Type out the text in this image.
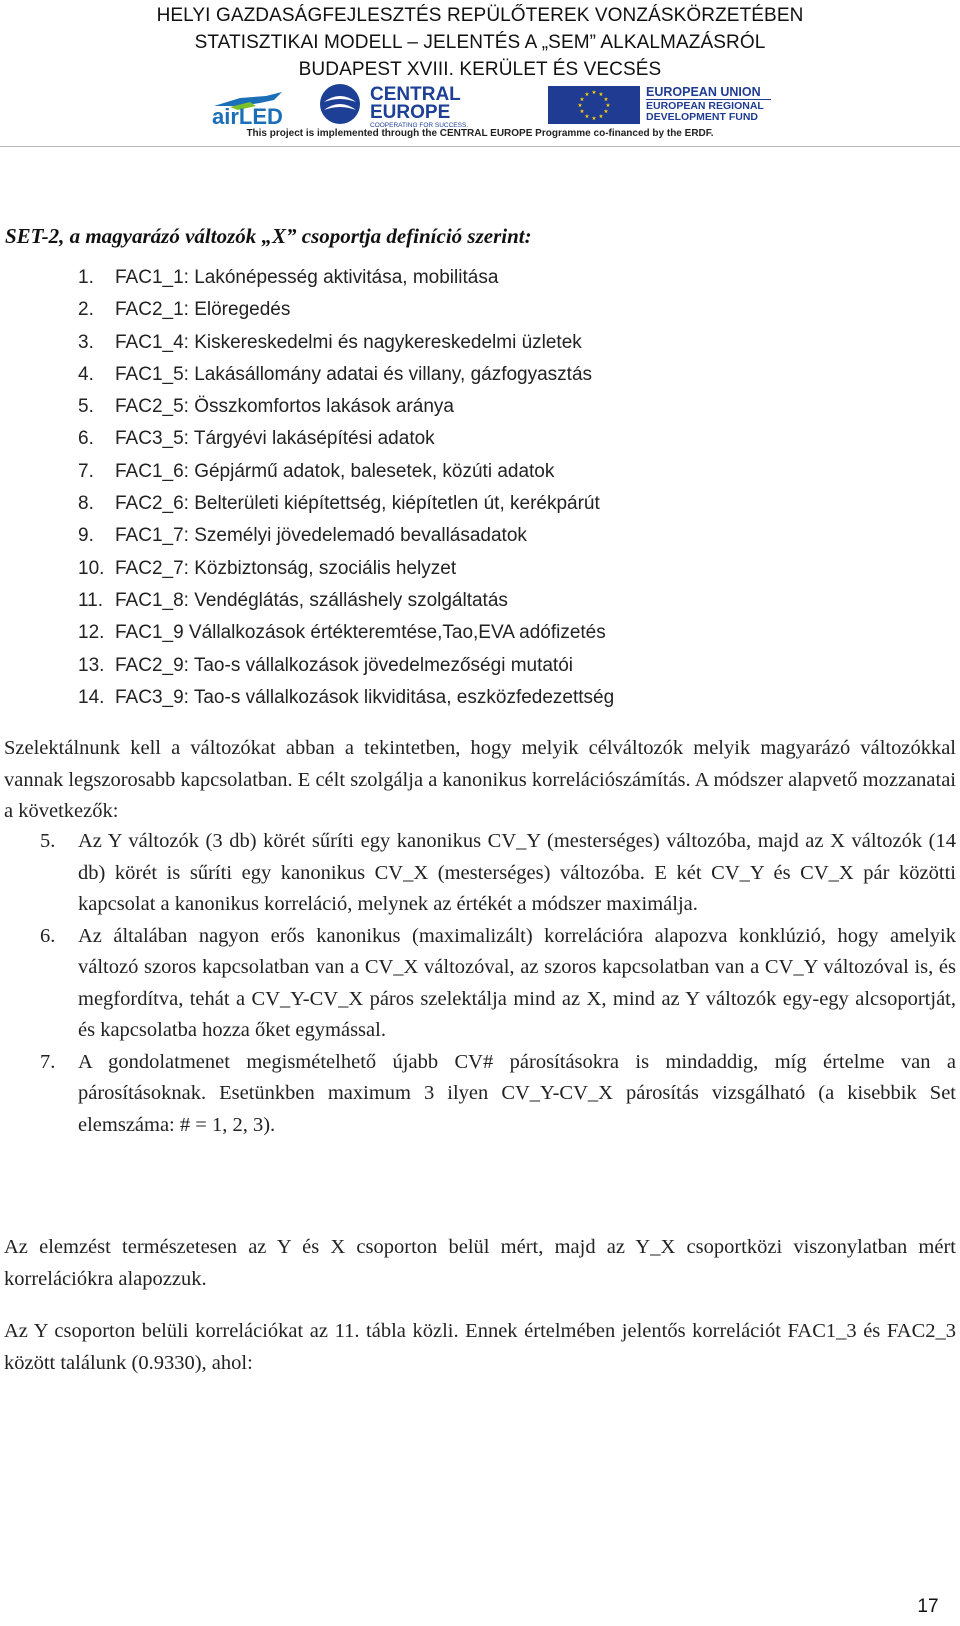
HELYI GAZDASÁGFEJLESZTÉS REPÜLŐTEREK VONZÁSKÖRZETÉBEN
STATISZTIKAI MODELL – JELENTÉS A „SEM” ALKALMAZÁSRÓL
BUDAPEST XVIII. KERÜLET ÉS VECSÉS
airLED
CENTRAL
EUROPE
COOPERATING FOR SUCCESS.
★ ★
★
★
★
★
★
★
★
★
★
★	EUROPEAN UNION
EUROPEAN REGIONAL
DEVELOPMENT FUND
This project is implemented through the CENTRAL EUROPE Programme co-financed by the ERDF.
SET-2, a magyarázó változók „X” csoportja definíció szerint:
1. FAC1_1: Lakónépesség aktivitása, mobilitása
2. FAC2_1: Elöregedés
3. FAC1_4: Kiskereskedelmi és nagykereskedelmi üzletek
4. FAC1_5: Lakásállomány adatai és villany, gázfogyasztás
5. FAC2_5: Összkomfortos lakások aránya
6. FAC3_5: Tárgyévi lakásépítési adatok
7. FAC1_6: Gépjármű adatok, balesetek, közúti adatok
8. FAC2_6: Belterületi kiépítettség, kiépítetlen út, kerékpárút
9. FAC1_7: Személyi jövedelemadó bevallásadatok
10. FAC2_7: Közbiztonság, szociális helyzet
11. FAC1_8: Vendéglátás, szálláshely szolgáltatás
12. FAC1_9 Vállalkozások értékteremtése,Tao,EVA adófizetés
13. FAC2_9: Tao-s vállalkozások jövedelmezőségi mutatói
14. FAC3_9: Tao-s vállalkozások likviditása, eszközfedezettség

Szelektálnunk kell a változókat abban a tekintetben, hogy melyik célváltozók melyik magyarázó változókkal vannak legszorosabb kapcsolatban. E célt szolgálja a kanonikus korrelációszámítás. A módszer alapvető mozzanatai a következők:

5. Az Y változók (3 db) körét sűríti egy kanonikus CV_Y (mesterséges) változóba, majd az X változók (14 db) körét is sűríti egy kanonikus CV_X (mesterséges) változóba. E két CV_Y és CV_X pár közötti kapcsolat a kanonikus korreláció, melynek az értékét a módszer maximálja.
6. Az általában nagyon erős kanonikus (maximalizált) korrelációra alapozva konklúzió, hogy amelyik változó szoros kapcsolatban van a CV_X változóval, az szoros kapcsolatban van a CV_Y változóval is, és megfordítva, tehát a CV_Y-CV_X páros szelektálja mind az X, mind az Y változók egy-egy alcsoportját, és kapcsolatba hozza őket egymással.
7. A gondolatmenet megismételhető újabb CV# párosításokra is mindaddig, míg értelme van a párosításoknak. Esetünkben maximum 3 ilyen CV_Y-CV_X párosítás vizsgálható (a kisebbik Set elemszáma: # = 1, 2, 3).

Az elemzést természetesen az Y és X csoporton belül mért, majd az Y_X csoportközi viszonylatban mért korrelációkra alapozzuk.

Az Y csoporton belüli korrelációkat az 11. tábla közli. Ennek értelmében jelentős korrelációt FAC1_3 és FAC2_3 között találunk (0.9330), ahol:

17
